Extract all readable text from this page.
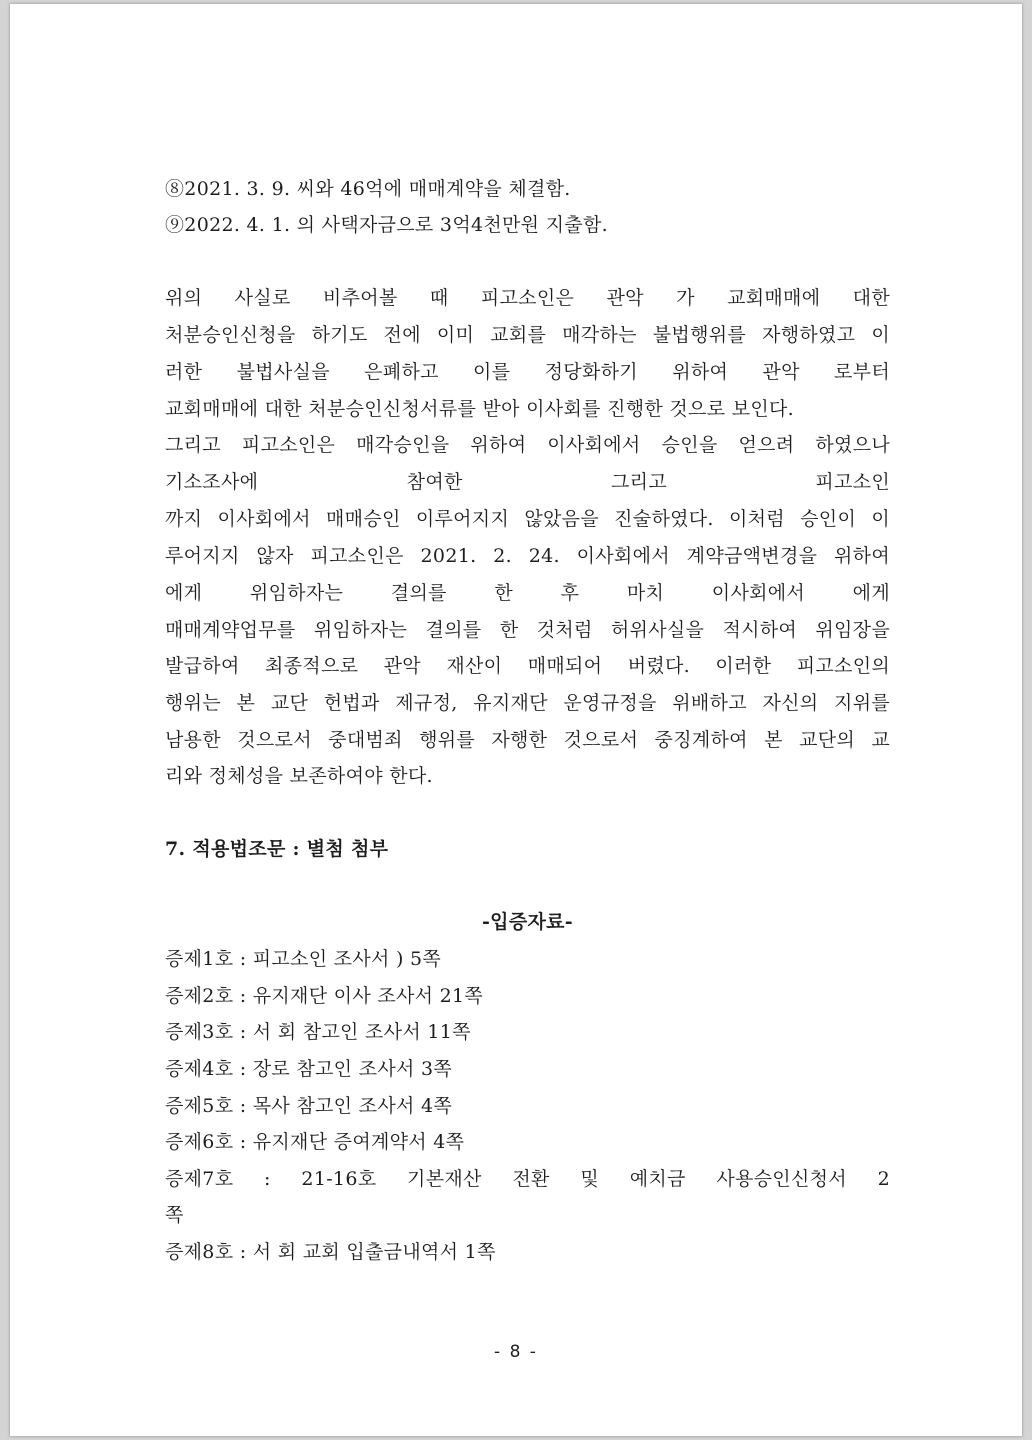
⑧2021. 3. 9. 씨와 46억에 매매계약을 체결함.
⑨2022. 4. 1. 의 사택자금으로 3억4천만원 지출함.
위의 사실로 비추어볼 때 피고소인은 관악 가 교회매매에 대한
처분승인신청을 하기도 전에 이미 교회를 매각하는 불법행위를 자행하였고 이
러한 불법사실을 은폐하고 이를 정당화하기 위하여 관악 로부터
교회매매에 대한 처분승인신청서류를 받아 이사회를 진행한 것으로 보인다.
그리고 피고소인은 매각승인을 위하여 이사회에서 승인을 얻으려 하였으나
기소조사에 참여한 그리고 피고소인
까지 이사회에서 매매승인 이루어지지 않았음을 진술하였다. 이처럼 승인이 이
루어지지 않자 피고소인은 2021. 2. 24. 이사회에서 계약금액변경을 위하여
에게 위임하자는 결의를 한 후 마치 이사회에서 에게
매매계약업무를 위임하자는 결의를 한 것처럼 허위사실을 적시하여 위임장을
발급하여 최종적으로 관악 재산이 매매되어 버렸다. 이러한 피고소인의
행위는 본 교단 헌법과 제규정, 유지재단 운영규정을 위배하고 자신의 지위를
남용한 것으로서 중대범죄 행위를 자행한 것으로서 중징계하여 본 교단의 교
리와 정체성을 보존하여야 한다.
7. 적용법조문 : 별첨 첨부
-입증자료-
증제1호 : 피고소인 조사서 ) 5쪽
증제2호 : 유지재단 이사 조사서 21쪽
증제3호 : 서 회 참고인 조사서 11쪽
증제4호 : 장로 참고인 조사서 3쪽
증제5호 : 목사 참고인 조사서 4쪽
증제6호 : 유지재단 증여계약서 4쪽
증제7호 : 21-16호 기본재산 전환 및 예치금 사용승인신청서 2
쪽
증제8호 : 서 회 교회 입출금내역서 1쪽
- 8 -
